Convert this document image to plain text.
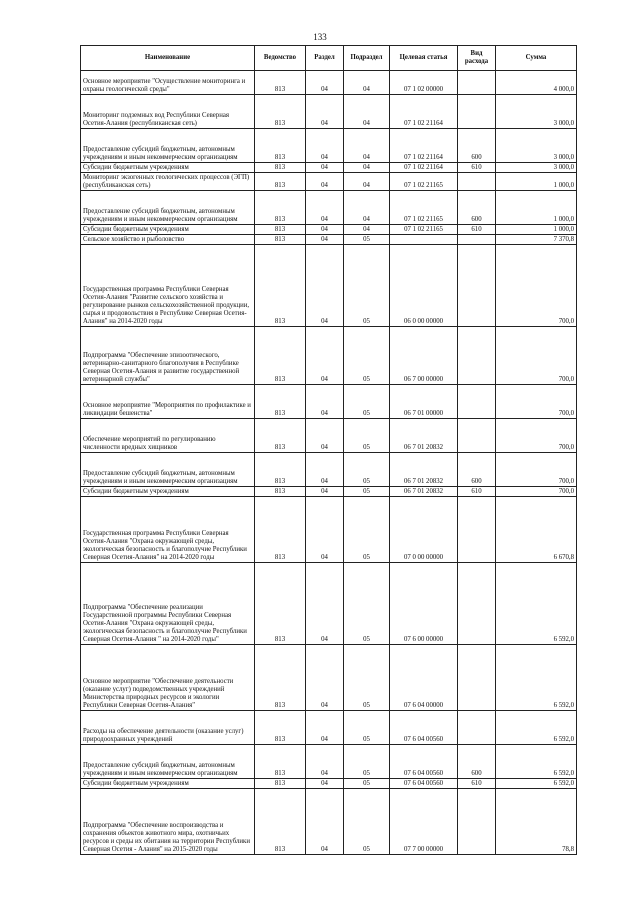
133
Наименование	Ведомство	Раздел	Подраздел	Целевая статья	Вид расхода	Сумма
Основное мероприятие "Осуществление мониторинга и охраны геологической среды"	813	04	04	07 1 02 00000		4 000,0
Мониторинг подземных вод Республики Северная Осетия-Алания (республиканская сеть)	813	04	04	07 1 02 21164		3 000,0
Предоставление субсидий бюджетным, автономным учреждениям и иным некоммерческим организациям	813	04	04	07 1 02 21164	600	3 000,0
Субсидии бюджетным учреждениям	813	04	04	07 1 02 21164	610	3 000,0
Мониторинг экзогенных геологических процессов (ЭГП) (республиканская сеть)	813	04	04	07 1 02 21165		1 000,0
Предоставление субсидий бюджетным, автономным учреждениям и иным некоммерческим организациям	813	04	04	07 1 02 21165	600	1 000,0
Субсидии бюджетным учреждениям	813	04	04	07 1 02 21165	610	1 000,0
Сельское хозяйство и рыболовство	813	04	05			7 370,8
Государственная программа Республики Северная Осетия-Алания "Развитие сельского хозяйства и регулирование рынков сельскохозяйственной продукции, сырья и продовольствия в Республике Северная Осетия-Алания" на 2014-2020 годы	813	04	05	06 0 00 00000		700,0
Подпрограмма "Обеспечение эпизоотического, ветеринарно-санитарного благополучия в Республике Северная Осетия-Алания и развитие государственной ветеринарной службы"	813	04	05	06 7 00 00000		700,0
Основное мероприятие "Мероприятия по профилактике и ликвидации бешенства"	813	04	05	06 7 01 00000		700,0
Обеспечение мероприятий по регулированию численности вредных хищников	813	04	05	06 7 01 20832		700,0
Предоставление субсидий бюджетным, автономным учреждениям и иным некоммерческим организациям	813	04	05	06 7 01 20832	600	700,0
Субсидии бюджетным учреждениям	813	04	05	06 7 01 20832	610	700,0
Государственная программа Республики Северная Осетия-Алания "Охрана окружающей среды, экологическая безопасность и благополучие Республики Северная Осетия-Алания" на 2014-2020 годы	813	04	05	07 0 00 00000		6 670,8
Подпрограмма "Обеспечение реализации Государственной программы Республики Северная Осетия-Алания "Охрана окружающей среды, экологическая безопасность и благополучие Республики Северная Осетия-Алания " на 2014-2020 годы"	813	04	05	07 6 00 00000		6 592,0
Основное мероприятие "Обеспечение деятельности (оказание услуг) подведомственных учреждений Министерства природных ресурсов и экологии Республики Северная Осетия-Алания"	813	04	05	07 6 04 00000		6 592,0
Расходы на обеспечение деятельности (оказание услуг) природоохранных учреждений	813	04	05	07 6 04 00560		6 592,0
Предоставление субсидий бюджетным, автономным учреждениям и иным некоммерческим организациям	813	04	05	07 6 04 00560	600	6 592,0
Субсидии бюджетным учреждениям	813	04	05	07 6 04 00560	610	6 592,0
Подпрограмма "Обеспечение воспроизводства и сохранения объектов животного мира, охотничьих ресурсов и среды их обитания на территории Республики Северная Осетия - Алания" на 2015-2020 годы	813	04	05	07 7 00 00000		78,8
